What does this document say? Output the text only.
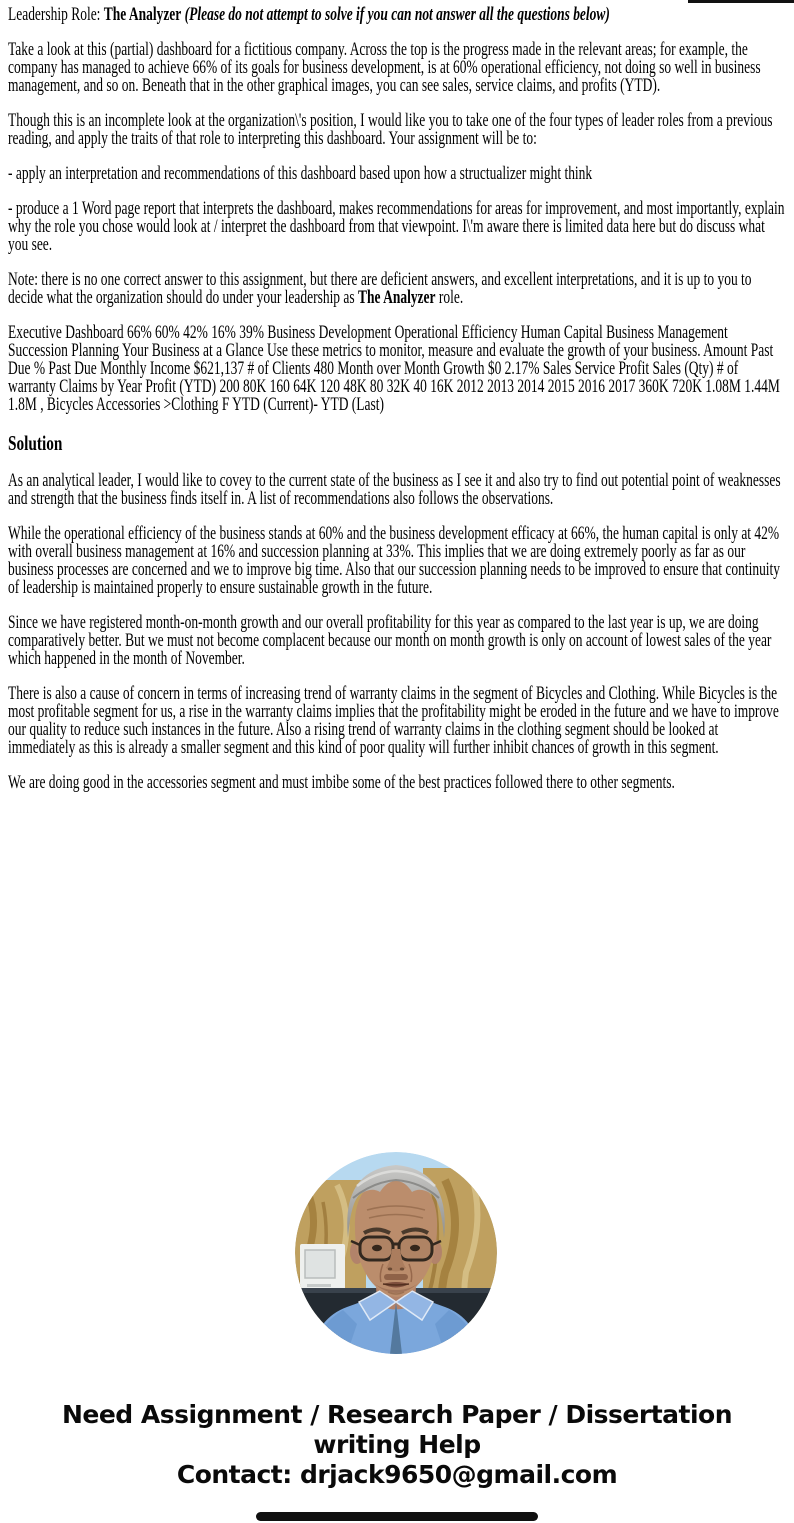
Leadership Role: The Analyzer (Please do not attempt to solve if you can not answer all the questions below)

Take a look at this (partial) dashboard for a fictitious company. Across the top is the progress made in the relevant areas; for example, the company has managed to achieve 66% of its goals for business development, is at 60% operational efficiency, not doing so well in business management, and so on. Beneath that in the other graphical images, you can see sales, service claims, and profits (YTD).

Though this is an incomplete look at the organization\'s position, I would like you to take one of the four types of leader roles from a previous reading, and apply the traits of that role to interpreting this dashboard. Your assignment will be to:

- apply an interpretation and recommendations of this dashboard based upon how a structualizer might think

- produce a 1 Word page report that interprets the dashboard, makes recommendations for areas for improvement, and most importantly, explain why the role you chose would look at / interpret the dashboard from that viewpoint. I\'m aware there is limited data here but do discuss what you see.

Note: there is no one correct answer to this assignment, but there are deficient answers, and excellent interpretations, and it is up to you to decide what the organization should do under your leadership as The Analyzer role.

Executive Dashboard 66% 60% 42% 16% 39% Business Development Operational Efficiency Human Capital Business Management Succession Planning Your Business at a Glance Use these metrics to monitor, measure and evaluate the growth of your business. Amount Past Due % Past Due Monthly Income $621,137 # of Clients 480 Month over Month Growth $0 2.17% Sales Service Profit Sales (Qty) # of warranty Claims by Year Profit (YTD) 200 80K 160 64K 120 48K 80 32K 40 16K 2012 2013 2014 2015 2016 2017 360K 720K 1.08M 1.44M 1.8M , Bicycles Accessories >Clothing F YTD (Current)- YTD (Last)

Solution

As an analytical leader, I would like to covey to the current state of the business as I see it and also try to find out potential point of weaknesses and strength that the business finds itself in. A list of recommendations also follows the observations.

While the operational efficiency of the business stands at 60% and the business development efficacy at 66%, the human capital is only at 42% with overall business management at 16% and succession planning at 33%. This implies that we are doing extremely poorly as far as our business processes are concerned and we to improve big time. Also that our succession planning needs to be improved to ensure that continuity of leadership is maintained properly to ensure sustainable growth in the future.

Since we have registered month-on-month growth and our overall profitability for this year as compared to the last year is up, we are doing comparatively better. But we must not become complacent because our month on month growth is only on account of lowest sales of the year which happened in the month of November.

There is also a cause of concern in terms of increasing trend of warranty claims in the segment of Bicycles and Clothing. While Bicycles is the most profitable segment for us, a rise in the warranty claims implies that the profitability might be eroded in the future and we have to improve our quality to reduce such instances in the future. Also a rising trend of warranty claims in the clothing segment should be looked at immediately as this is already a smaller segment and this kind of poor quality will further inhibit chances of growth in this segment.

We are doing good in the accessories segment and must imbibe some of the best practices followed there to other segments.

Need Assignment / Research Paper / Dissertation
writing Help
Contact: drjack9650@gmail.com
